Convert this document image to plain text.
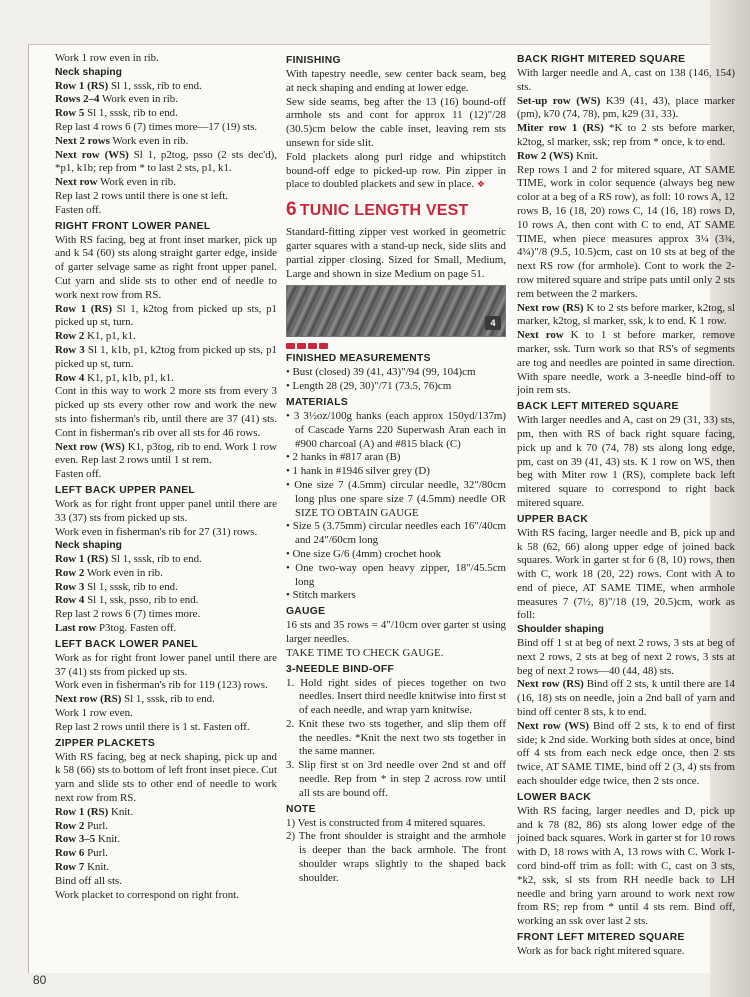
Work 1 row even in rib.

Neck shaping

Row 1 (RS) Sl 1, sssk, rib to end.

Rows 2–4 Work even in rib.

Row 5 Sl 1, sssk, rib to end.

Rep last 4 rows 6 (7) times more—17 (19) sts.

Next 2 rows Work even in rib.

Next row (WS) Sl 1, p2tog, psso (2 sts dec'd), *p1, k1b; rep from * to last 2 sts, p1, k1.

Next row Work even in rib.

Rep last 2 rows until there is one st left.

Fasten off.

RIGHT FRONT LOWER PANEL

With RS facing, beg at front inset marker, pick up and k 54 (60) sts along straight garter edge, inside of garter selvage same as right front upper panel. Cut yarn and slide sts to other end of needle to work next row from RS.

Row 1 (RS) Sl 1, k2tog from picked up sts, p1 picked up st, turn.

Row 2 K1, p1, k1.

Row 3 Sl 1, k1b, p1, k2tog from picked up sts, p1 picked up st, turn.

Row 4 K1, p1, k1b, p1, k1.

Cont in this way to work 2 more sts from every 3 picked up sts every other row and work the new sts into fisherman's rib, until there are 37 (41) sts. Cont in fisherman's rib over all sts for 46 rows.

Next row (WS) K1, p3tog, rib to end. Work 1 row even. Rep last 2 rows until 1 st rem.

Fasten off.

LEFT BACK UPPER PANEL

Work as for right front upper panel until there are 33 (37) sts from picked up sts.

Work even in fisherman's rib for 27 (31) rows.

Neck shaping

Row 1 (RS) Sl 1, sssk, rib to end.

Row 2 Work even in rib.

Row 3 Sl 1, sssk, rib to end.

Row 4 Sl 1, ssk, psso, rib to end.

Rep last 2 rows 6 (7) times more.

Last row P3tog. Fasten off.

LEFT BACK LOWER PANEL

Work as for right front lower panel until there are 37 (41) sts from picked up sts.

Work even in fisherman's rib for 119 (123) rows.

Next row (RS) Sl 1, sssk, rib to end.

Work 1 row even.

Rep last 2 rows until there is 1 st. Fasten off.

ZIPPER PLACKETS

With RS facing, beg at neck shaping, pick up and k 58 (66) sts to bottom of left front inset piece. Cut yarn and slide sts to other end of needle to work next row from RS.

Row 1 (RS) Knit.

Row 2 Purl.

Row 3–5 Knit.

Row 6 Purl.

Row 7 Knit.

Bind off all sts.

Work placket to correspond on right front.

FINISHING

With tapestry needle, sew center back seam, beg at neck shaping and ending at lower edge.

Sew side seams, beg after the 13 (16) bound-off armhole sts and cont for approx 11 (12)"/28 (30.5)cm below the cable inset, leaving rem sts unsewn for side slit.

Fold plackets along purl ridge and whipstitch bound-off edge to picked-up row. Pin zipper in place to doubled plackets and sew in place. ❖

6 TUNIC LENGTH VEST

Standard-fitting zipper vest worked in geometric garter squares with a stand-up neck, side slits and partial zipper closing. Sized for Small, Medium, Large and shown in size Medium on page 51.

4
FINISHED MEASUREMENTS
• Bust (closed) 39 (41, 43)"/94 (99, 104)cm
• Length 28 (29, 30)"/71 (73.5, 76)cm
MATERIALS
• 3 3½oz/100g hanks (each approx 150yd/137m) of Cascade Yarns 220 Superwash Aran each in #900 charcoal (A) and #815 black (C)
• 2 hanks in #817 aran (B)
• 1 hank in #1946 silver grey (D)
• One size 7 (4.5mm) circular needle, 32"/80cm long plus one spare size 7 (4.5mm) needle OR SIZE TO OBTAIN GAUGE
• Size 5 (3.75mm) circular needles each 16"/40cm and 24"/60cm long
• One size G/6 (4mm) crochet hook
• One two-way open heavy zipper, 18"/45.5cm long
• Stitch markers
GAUGE

16 sts and 35 rows = 4"/10cm over garter st using larger needles.

TAKE TIME TO CHECK GAUGE.

3-NEEDLE BIND-OFF
1. Hold right sides of pieces together on two needles. Insert third needle knitwise into first st of each needle, and wrap yarn knitwise.
2. Knit these two sts together, and slip them off the needles. *Knit the next two sts together in the same manner.
3. Slip first st on 3rd needle over 2nd st and off needle. Rep from * in step 2 across row until all sts are bound off.
NOTE
1) Vest is constructed from 4 mitered squares.
2) The front shoulder is straight and the armhole is deeper than the back armhole. The front shoulder wraps slightly to the shaped back shoulder.
BACK RIGHT MITERED SQUARE

With larger needle and A, cast on 138 (146, 154) sts.

Set-up row (WS) K39 (41, 43), place marker (pm), k70 (74, 78), pm, k29 (31, 33).

Miter row 1 (RS) *K to 2 sts before marker, k2tog, sl marker, ssk; rep from * once, k to end.

Row 2 (WS) Knit.

Rep rows 1 and 2 for mitered square, AT SAME TIME, work in color sequence (always beg new color at a beg of a RS row), as foll: 10 rows A, 12 rows B, 16 (18, 20) rows C, 14 (16, 18) rows D, 10 rows A, then cont with C to end, AT SAME TIME, when piece measures approx 3¼ (3¾, 4¼)"/8 (9.5, 10.5)cm, cast on 10 sts at beg of the next RS row (for armhole). Cont to work the 2-row mitered square and stripe pats until only 2 sts rem between the 2 markers.

Next row (RS) K to 2 sts before marker, k2tog, sl marker, k2tog, sl marker, ssk, k to end. K 1 row.

Next row K to 1 st before marker, remove marker, ssk. Turn work so that RS's of segments are tog and needles are pointed in same direction. With spare needle, work a 3-needle bind-off to join rem sts.

BACK LEFT MITERED SQUARE

With larger needles and A, cast on 29 (31, 33) sts, pm, then with RS of back right square facing, pick up and k 70 (74, 78) sts along long edge, pm, cast on 39 (41, 43) sts. K 1 row on WS, then beg with Miter row 1 (RS), complete back left mitered square to correspond to right back mitered square.

UPPER BACK

With RS facing, larger needle and B, pick up and k 58 (62, 66) along upper edge of joined back squares. Work in garter st for 6 (8, 10) rows, then with C, work 18 (20, 22) rows. Cont with A to end of piece, AT SAME TIME, when armhole measures 7 (7½, 8)"/18 (19, 20.5)cm, work as foll:

Shoulder shaping

Bind off 1 st at beg of next 2 rows, 3 sts at beg of next 2 rows, 2 sts at beg of next 2 rows, 3 sts at beg of next 2 rows—40 (44, 48) sts.

Next row (RS) Bind off 2 sts, k until there are 14 (16, 18) sts on needle, join a 2nd ball of yarn and bind off center 8 sts, k to end.

Next row (WS) Bind off 2 sts, k to end of first side; k 2nd side. Working both sides at once, bind off 4 sts from each neck edge once, then 2 sts twice, AT SAME TIME, bind off 2 (3, 4) sts from each shoulder edge twice, then 2 sts once.

LOWER BACK

With RS facing, larger needles and D, pick up and k 78 (82, 86) sts along lower edge of the joined back squares. Work in garter st for 10 rows with D, 18 rows with A, 13 rows with C. Work I-cord bind-off trim as foll: with C, cast on 3 sts, *k2, ssk, sl sts from RH needle back to LH needle and bring yarn around to work next row from RS; rep from * until 4 sts rem. Bind off, working an ssk over last 2 sts.

FRONT LEFT MITERED SQUARE

Work as for back right mitered square.

80
